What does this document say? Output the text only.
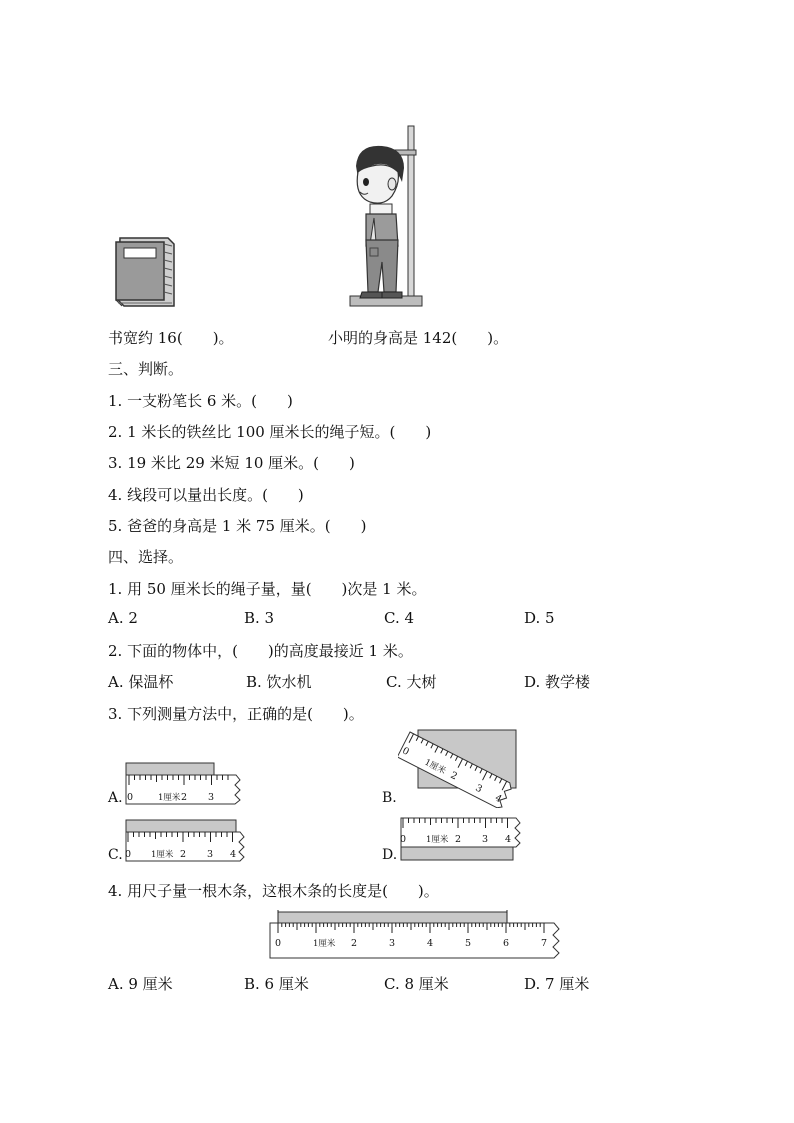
书宽约 16(　　)。	小明的身高是 142(　　)。
三、判断。
1. 一支粉笔长 6 米。(　　)
2. 1 米长的铁丝比 100 厘米长的绳子短。(　　)
3. 19 米比 29 米短 10 厘米。(　　)
4. 线段可以量出长度。(　　)
5. 爸爸的身高是 1 米 75 厘米。(　　)
四、选择。
1. 用 50 厘米长的绳子量，量(　　)次是 1 米。
A. 2	B. 3	C. 4	D. 5
2. 下面的物体中，(　　)的高度最接近 1 米。
A. 保温杯	B. 饮水机	C. 大树	D. 教学楼
3. 下列测量方法中，正确的是(　　)。
A. 0	1厘米 2 3	B.
0
1厘米 2
3
4
C. 0 1厘米 2 3 4	D.
0 1厘米 2 3 4
4. 用尺子量一根木条，这根木条的长度是(　　)。
0	1厘米 2	3	4	5	6	7
A. 9 厘米	B. 6 厘米	C. 8 厘米	D. 7 厘米
